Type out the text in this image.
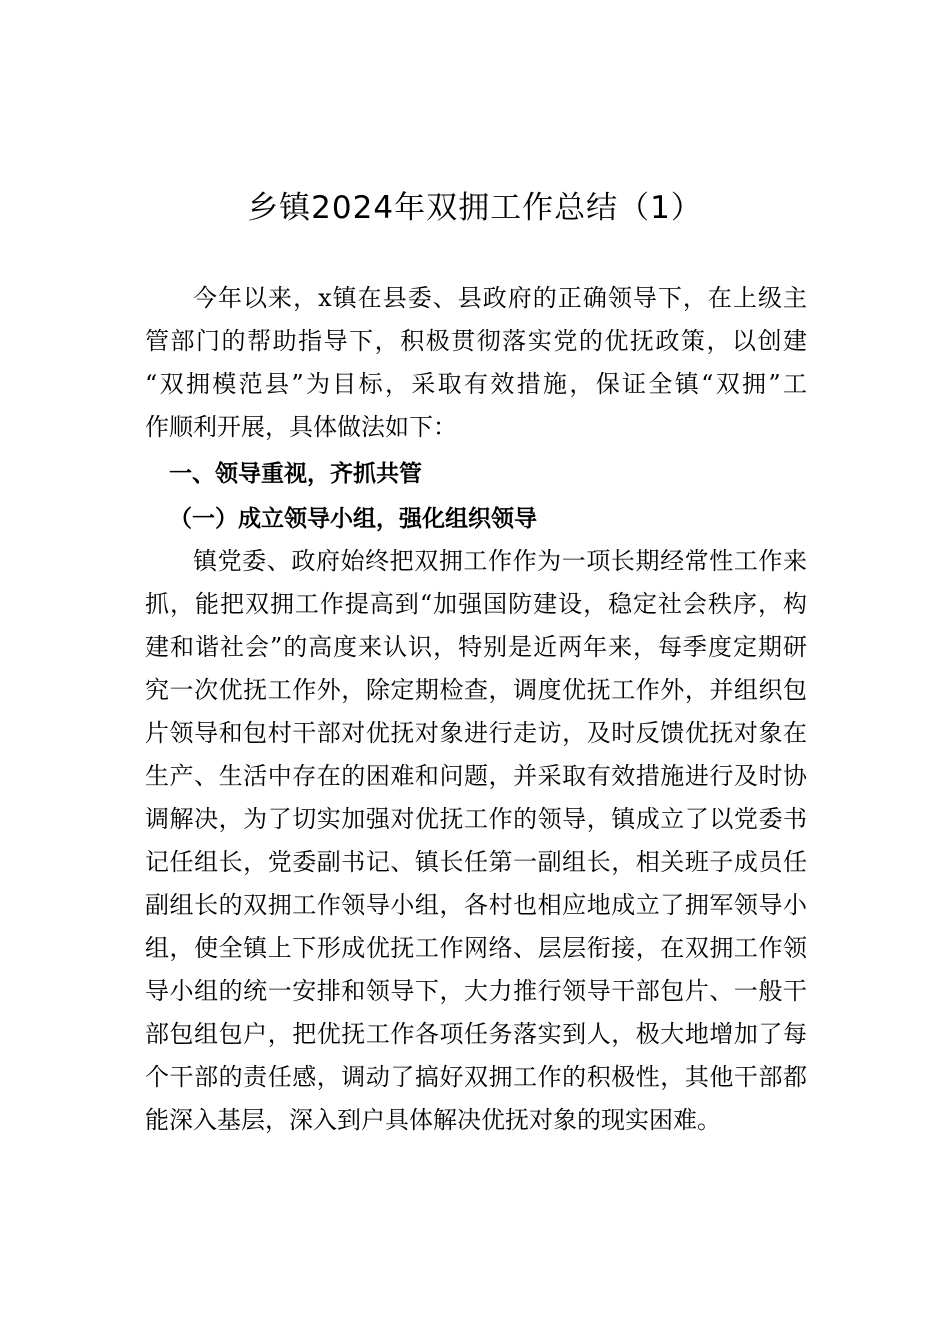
乡镇2024年双拥工作总结（1）
今年以来，x镇在县委、县政府的正确领导下，在上级主
管部门的帮助指导下，积极贯彻落实党的优抚政策，以创建
“双拥模范县”为目标，采取有效措施，保证全镇“双拥”工
作顺利开展，具体做法如下：
一、领导重视，齐抓共管
（一）成立领导小组，强化组织领导
镇党委、政府始终把双拥工作作为一项长期经常性工作来
抓，能把双拥工作提高到“加强国防建设，稳定社会秩序，构
建和谐社会”的高度来认识，特别是近两年来，每季度定期研
究一次优抚工作外，除定期检查，调度优抚工作外，并组织包
片领导和包村干部对优抚对象进行走访，及时反馈优抚对象在
生产、生活中存在的困难和问题，并采取有效措施进行及时协
调解决，为了切实加强对优抚工作的领导，镇成立了以党委书
记任组长，党委副书记、镇长任第一副组长，相关班子成员任
副组长的双拥工作领导小组，各村也相应地成立了拥军领导小
组，使全镇上下形成优抚工作网络、层层衔接，在双拥工作领
导小组的统一安排和领导下，大力推行领导干部包片、一般干
部包组包户，把优抚工作各项任务落实到人，极大地增加了每
个干部的责任感，调动了搞好双拥工作的积极性，其他干部都
能深入基层，深入到户具体解决优抚对象的现实困难。
